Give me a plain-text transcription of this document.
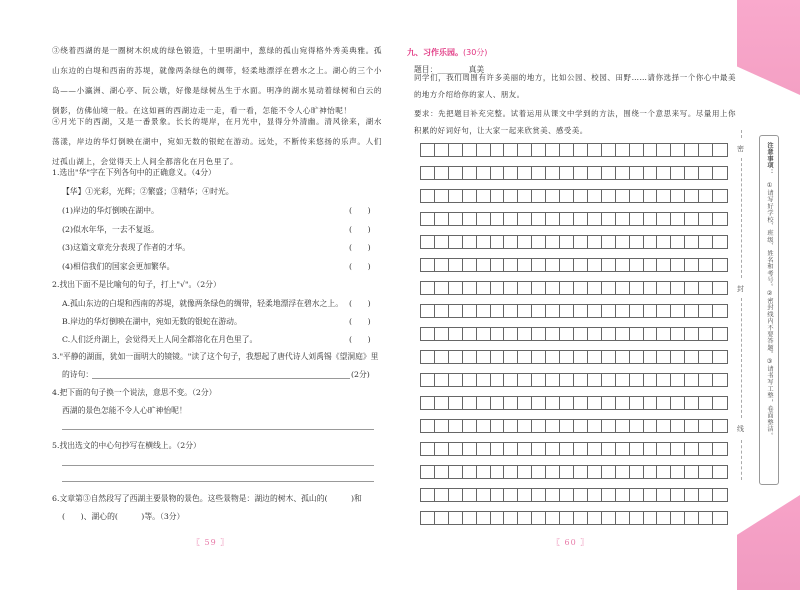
③绕着西湖的是一圈树木织成的绿色锻造，十里明湖中，葱绿的孤山宛得格外秀美典雅。孤山东边的白堤和西南的苏堤，就像两条绿色的绸带，轻柔地漂浮在碧水之上。湖心的三个小岛——小瀛洲、湖心亭、阮公墩，好像是绿树丛生于水面。明净的湖水晃动着绿树和白云的倒影，仿佛仙境一般。在这如画的西湖边走一走，看一看，怎能不令人心旷神怡呢！

④月光下的西湖，又是一番景象。长长的堤岸，在月光中，显得分外清幽。清风徐来，湖水荡漾，岸边的华灯倒映在湖中，宛如无数的银蛇在游动。远处，不断传来悠扬的乐声。人们过孤山湖上，会觉得天上人间全都溶化在月色里了。

1.选出"华"字在下列各句中的正确意义。（4分）
【华】①光彩，光辉；②繁盛；③精华；④时光。
(1)岸边的华灯倒映在湖中。	(　　)
(2)似水年华，一去不复返。	(　　)
(3)这篇文章充分表现了作者的才华。	(　　)
(4)相信我们的国家会更加繁华。	(　　)
2.找出下面不是比喻句的句子，打上"√"。（2分）
A.孤山东边的白堤和西南的苏堤，就像两条绿色的绸带，轻柔地漂浮在碧水之上。 (　　)
B.岸边的华灯倒映在湖中，宛如无数的银蛇在游动。	(　　)
C.人们泛舟湖上，会觉得天上人间全都溶化在月色里了。	(　　)
3."平静的湖面，犹如一面明大的镜镜。"读了这个句子，我想起了唐代诗人刘禹锡《望洞庭》里
的诗句：	(2分)
4.把下面的句子换一个说法，意思不变。（2分）
西湖的景色怎能不令人心旷神怡呢！
5.找出选文的中心句抄写在横线上。（2分）
6.文章第③自然段写了西湖主要景物的景色。这些景物是：湖边的树木、孤山的(　　　)和
(　　)、湖心的(　　　)等。（3分）
〖 59 〗
九、习作乐园。(30分)
题目：________真美

同学们，我们周围有许多美丽的地方，比如公园、校园、田野……请你选择一个你心中最美的地方介绍给你的家人、朋友。

要求：先把题目补充完整。试着运用从课文中学到的方法，围绕一个意思来写。尽量用上你积累的好词好句，让大家一起来欣赏美、感受美。

〖 60 〗
密
封
线
注意事项：
①请写好学校、班级、姓名和考号。②密封线内不要答题。③请书写工整，卷面整洁。
